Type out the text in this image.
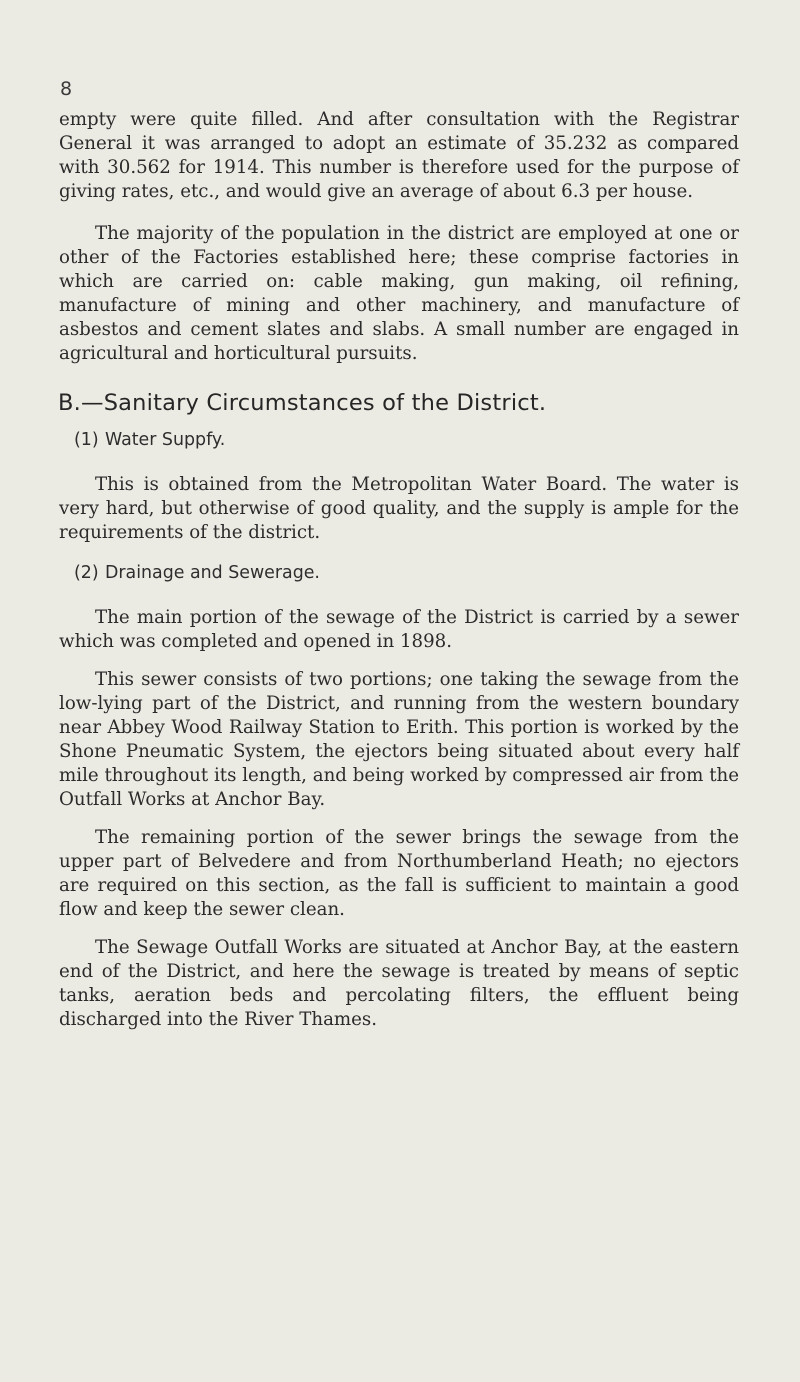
8

empty were quite filled. And after consultation with the Registrar General it was arranged to adopt an estimate of 35.232 as compared with 30.562 for 1914. This number is therefore used for the purpose of giving rates, etc., and would give an average of about 6.3 per house.

The majority of the population in the district are employed at one or other of the Factories established here; these comprise factories in which are carried on: cable making, gun making, oil refining, manufacture of mining and other machinery, and manufacture of asbestos and cement slates and slabs. A small number are engaged in agricultural and horticultural pursuits.

B.—Sanitary Circumstances of the District.
(1) Water Suppfy.

This is obtained from the Metropolitan Water Board. The water is very hard, but otherwise of good quality, and the supply is ample for the requirements of the district.

(2) Drainage and Sewerage.

The main portion of the sewage of the District is carried by a sewer which was completed and opened in 1898.

This sewer consists of two portions; one taking the sewage from the low-lying part of the District, and running from the western boundary near Abbey Wood Railway Station to Erith. This portion is worked by the Shone Pneumatic System, the ejectors being situated about every half mile throughout its length, and being worked by compressed air from the Outfall Works at Anchor Bay.

The remaining portion of the sewer brings the sewage from the upper part of Belvedere and from Northumberland Heath; no ejectors are required on this section, as the fall is sufficient to maintain a good flow and keep the sewer clean.

The Sewage Outfall Works are situated at Anchor Bay, at the eastern end of the District, and here the sewage is treated by means of septic tanks, aeration beds and percolating filters, the effluent being discharged into the River Thames.
